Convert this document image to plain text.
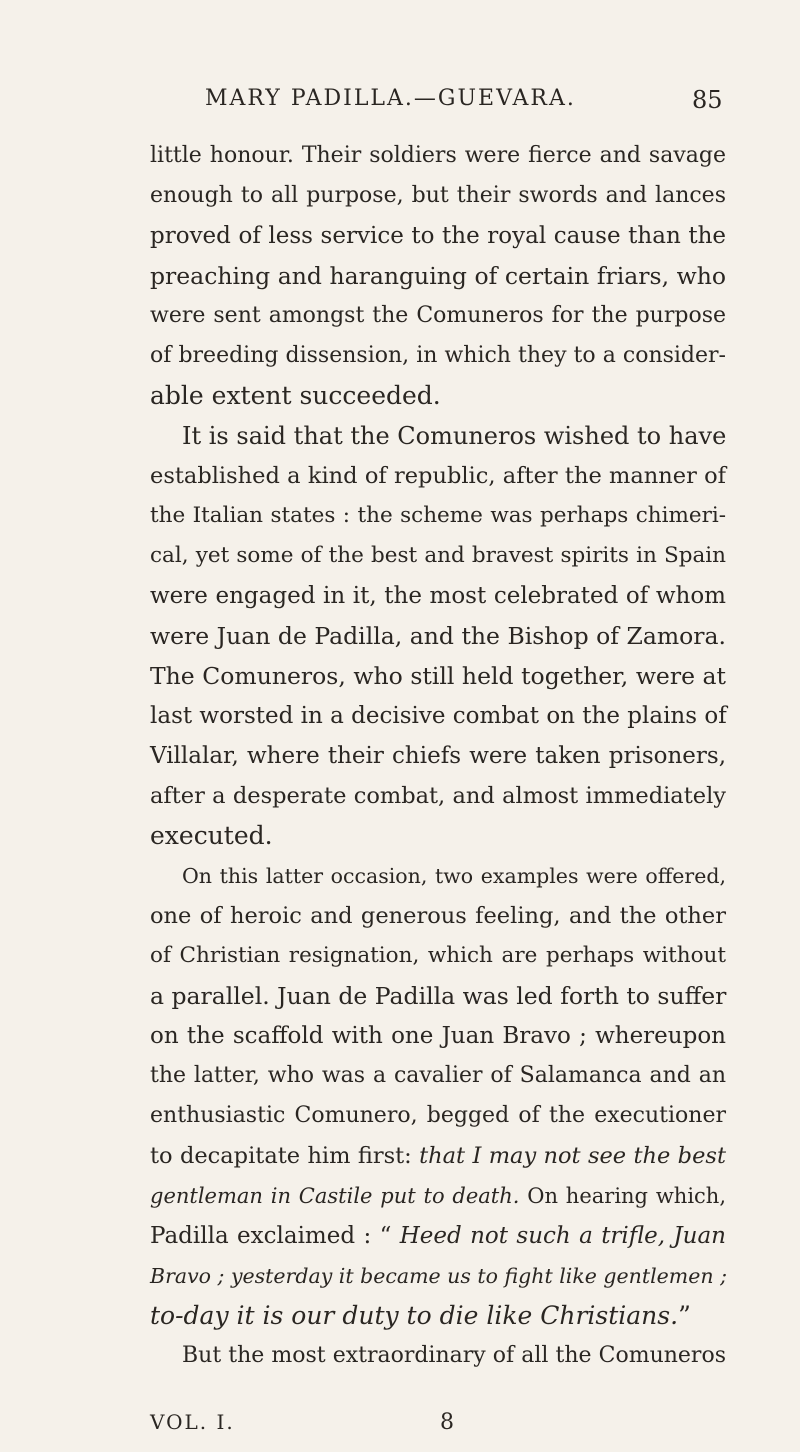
MARY PADILLA.—GUEVARA.	85
little honour. Their soldiers were fierce and savage
enough to all purpose, but their swords and lances
proved of less service to the royal cause than the
preaching and haranguing of certain friars, who
were sent amongst the Comuneros for the purpose
of breeding dissension, in which they to a consider-
able extent succeeded.
It is said that the Comuneros wished to have
established a kind of republic, after the manner of
the Italian states : the scheme was perhaps chimeri-
cal, yet some of the best and bravest spirits in Spain
were engaged in it, the most celebrated of whom
were Juan de Padilla, and the Bishop of Zamora.
The Comuneros, who still held together, were at
last worsted in a decisive combat on the plains of
Villalar, where their chiefs were taken prisoners,
after a desperate combat, and almost immediately
executed.
On this latter occasion, two examples were offered,
one of heroic and generous feeling, and the other
of Christian resignation, which are perhaps without
a parallel. Juan de Padilla was led forth to suffer
on the scaffold with one Juan Bravo ; whereupon
the latter, who was a cavalier of Salamanca and an
enthusiastic Comunero, begged of the executioner
to decapitate him first: that I may not see the best
gentleman in Castile put to death. On hearing which,
Padilla exclaimed : “ Heed not such a trifle, Juan
Bravo ; yesterday it became us to fight like gentlemen ;
to-day it is our duty to die like Christians.”
But the most extraordinary of all the Comuneros
VOL. I.	8
